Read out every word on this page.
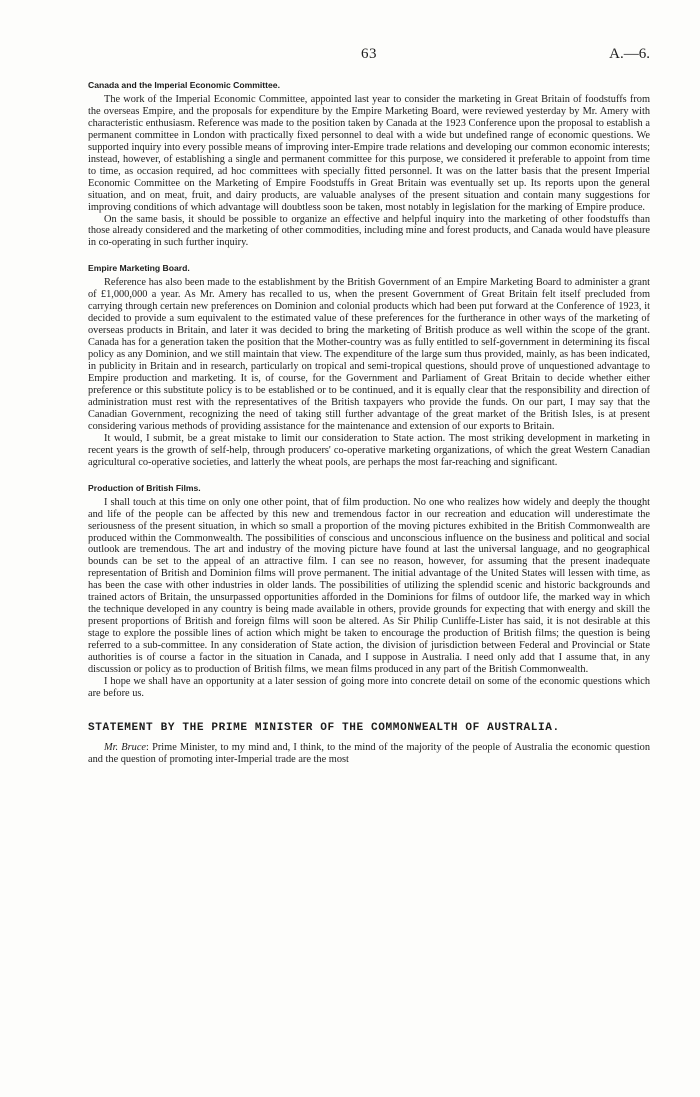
63	A.—6.
Canada and the Imperial Economic Committee.

The work of the Imperial Economic Committee, appointed last year to consider the marketing in Great Britain of foodstuffs from the overseas Empire, and the proposals for expenditure by the Empire Marketing Board, were reviewed yesterday by Mr. Amery with characteristic enthusiasm. Reference was made to the position taken by Canada at the 1923 Conference upon the proposal to establish a permanent committee in London with practically fixed personnel to deal with a wide but undefined range of economic questions. We supported inquiry into every possible means of improving inter-Empire trade relations and developing our common economic interests; instead, however, of establishing a single and permanent committee for this purpose, we considered it preferable to appoint from time to time, as occasion required, ad hoc committees with specially fitted personnel. It was on the latter basis that the present Imperial Economic Committee on the Marketing of Empire Foodstuffs in Great Britain was eventually set up. Its reports upon the general situation, and on meat, fruit, and dairy products, are valuable analyses of the present situation and contain many suggestions for improving conditions of which advantage will doubtless soon be taken, most notably in legislation for the marking of Empire produce.

On the same basis, it should be possible to organize an effective and helpful inquiry into the marketing of other foodstuffs than those already considered and the marketing of other commodities, including mine and forest products, and Canada would have pleasure in co-operating in such further inquiry.

Empire Marketing Board.

Reference has also been made to the establishment by the British Government of an Empire Marketing Board to administer a grant of £1,000,000 a year. As Mr. Amery has recalled to us, when the present Government of Great Britain felt itself precluded from carrying through certain new preferences on Dominion and colonial products which had been put forward at the Conference of 1923, it decided to provide a sum equivalent to the estimated value of these preferences for the furtherance in other ways of the marketing of overseas products in Britain, and later it was decided to bring the marketing of British produce as well within the scope of the grant. Canada has for a generation taken the position that the Mother-country was as fully entitled to self-government in determining its fiscal policy as any Dominion, and we still maintain that view. The expenditure of the large sum thus provided, mainly, as has been indicated, in publicity in Britain and in research, particularly on tropical and semi-tropical questions, should prove of unquestioned advantage to Empire production and marketing. It is, of course, for the Government and Parliament of Great Britain to decide whether either preference or this substitute policy is to be established or to be continued, and it is equally clear that the responsibility and direction of administration must rest with the representatives of the British taxpayers who provide the funds. On our part, I may say that the Canadian Government, recognizing the need of taking still further advantage of the great market of the British Isles, is at present considering various methods of providing assistance for the maintenance and extension of our exports to Britain.

It would, I submit, be a great mistake to limit our consideration to State action. The most striking development in marketing in recent years is the growth of self-help, through producers' co-operative marketing organizations, of which the great Western Canadian agricultural co-operative societies, and latterly the wheat pools, are perhaps the most far-reaching and significant.

Production of British Films.

I shall touch at this time on only one other point, that of film production. No one who realizes how widely and deeply the thought and life of the people can be affected by this new and tremendous factor in our recreation and education will underestimate the seriousness of the present situation, in which so small a proportion of the moving pictures exhibited in the British Commonwealth are produced within the Commonwealth. The possibilities of conscious and unconscious influence on the business and political and social outlook are tremendous. The art and industry of the moving picture have found at last the universal language, and no geographical bounds can be set to the appeal of an attractive film. I can see no reason, however, for assuming that the present inadequate representation of British and Dominion films will prove permanent. The initial advantage of the United States will lessen with time, as has been the case with other industries in older lands. The possibilities of utilizing the splendid scenic and historic backgrounds and trained actors of Britain, the unsurpassed opportunities afforded in the Dominions for films of outdoor life, the marked way in which the technique developed in any country is being made available in others, provide grounds for expecting that with energy and skill the present proportions of British and foreign films will soon be altered. As Sir Philip Cunliffe-Lister has said, it is not desirable at this stage to explore the possible lines of action which might be taken to encourage the production of British films; the question is being referred to a sub-committee. In any consideration of State action, the division of jurisdiction between Federal and Provincial or State authorities is of course a factor in the situation in Canada, and I suppose in Australia. I need only add that I assume that, in any discussion or policy as to production of British films, we mean films produced in any part of the British Commonwealth.

I hope we shall have an opportunity at a later session of going more into concrete detail on some of the economic questions which are before us.

STATEMENT BY THE PRIME MINISTER OF THE COMMONWEALTH OF AUSTRALIA.

Mr. Bruce: Prime Minister, to my mind and, I think, to the mind of the majority of the people of Australia the economic question and the question of promoting inter-Imperial trade are the most
